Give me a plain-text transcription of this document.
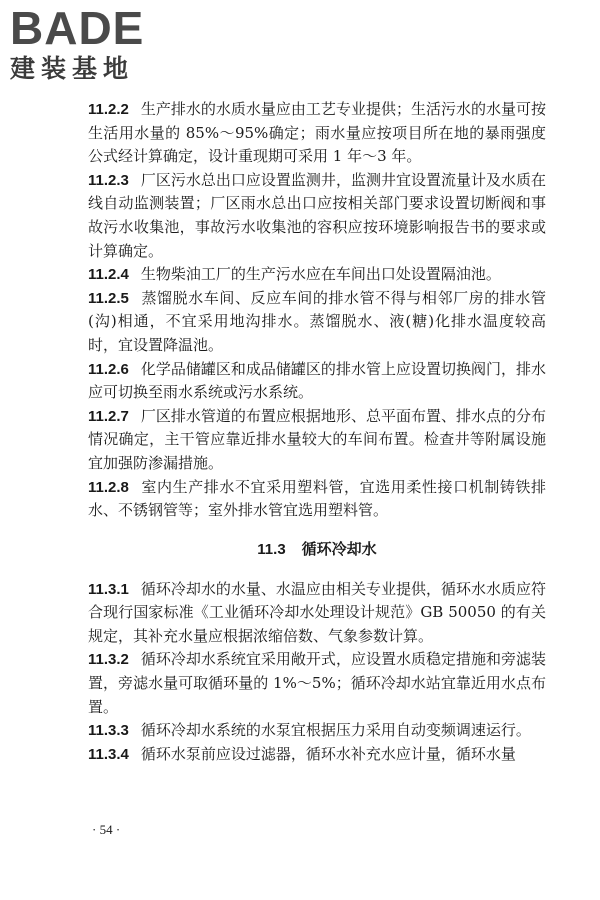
BADE
建装基地

11.2.2 生产排水的水质水量应由工艺专业提供；生活污水的水量可按生活用水量的 85%～95%确定；雨水量应按项目所在地的暴雨强度公式经计算确定，设计重现期可采用 1 年～3 年。

11.2.3 厂区污水总出口应设置监测井，监测井宜设置流量计及水质在线自动监测装置；厂区雨水总出口应按相关部门要求设置切断阀和事故污水收集池，事故污水收集池的容积应按环境影响报告书的要求或计算确定。

11.2.4 生物柴油工厂的生产污水应在车间出口处设置隔油池。

11.2.5 蒸馏脱水车间、反应车间的排水管不得与相邻厂房的排水管(沟)相通，不宜采用地沟排水。蒸馏脱水、液(糖)化排水温度较高时，宜设置降温池。

11.2.6 化学品储罐区和成品储罐区的排水管上应设置切换阀门，排水应可切换至雨水系统或污水系统。

11.2.7 厂区排水管道的布置应根据地形、总平面布置、排水点的分布情况确定，主干管应靠近排水量较大的车间布置。检查井等附属设施宜加强防渗漏措施。

11.2.8 室内生产排水不宜采用塑料管，宜选用柔性接口机制铸铁排水、不锈钢管等；室外排水管宜选用塑料管。

11.3 循环冷却水

11.3.1 循环冷却水的水量、水温应由相关专业提供，循环水水质应符合现行国家标准《工业循环冷却水处理设计规范》GB 50050 的有关规定，其补充水量应根据浓缩倍数、气象参数计算。

11.3.2 循环冷却水系统宜采用敞开式，应设置水质稳定措施和旁滤装置，旁滤水量可取循环量的 1%～5%；循环冷却水站宜靠近用水点布置。

11.3.3 循环冷却水系统的水泵宜根据压力采用自动变频调速运行。

11.3.4 循环水泵前应设过滤器，循环水补充水应计量，循环水量

· 54 ·
